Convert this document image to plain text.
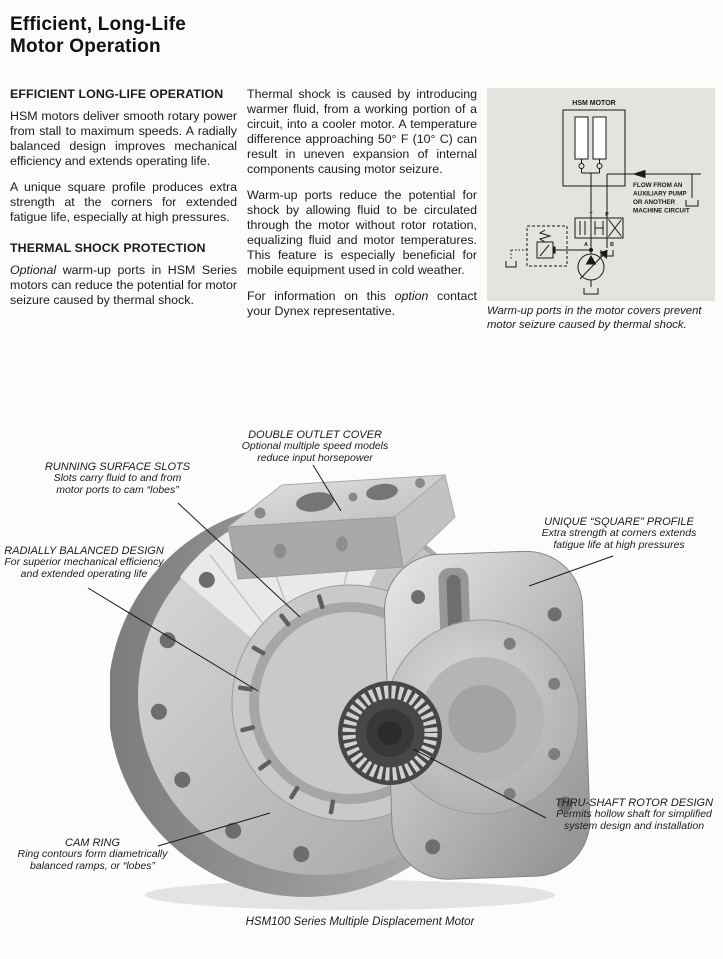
Efficient, Long-Life
Motor Operation
EFFICIENT LONG-LIFE OPERATION

HSM motors deliver smooth rotary power from stall to maximum speeds. A radially balanced design improves mechanical efficiency and extends operating life.

A unique square profile produces extra strength at the corners for extended fatigue life, especially at high pressures.

THERMAL SHOCK PROTECTION

Optional warm-up ports in HSM Series motors can reduce the potential for motor seizure caused by thermal shock.

Thermal shock is caused by introducing warmer fluid, from a working portion of a circuit, into a cooler motor. A temperature difference approaching 50° F (10° C) can result in uneven expansion of internal components causing motor seizure.

Warm-up ports reduce the potential for shock by allowing fluid to be circulated through the motor without rotor rotation, equalizing fluid and motor temperatures. This feature is especially beneficial for mobile equipment used in cold weather.

For information on this option contact your Dynex representative.

HSM MOTOR
FLOW FROM AN
AUXILIARY PUMP
OR ANOTHER
MACHINE CIRCUIT
T P
A	B
Warm-up ports in the motor covers prevent motor seizure caused by thermal shock.
DOUBLE OUTLET COVER
Optional multiple speed models
reduce input horsepower
RUNNING SURFACE SLOTS
Slots carry fluid to and from
motor ports to cam “lobes”
RADIALLY BALANCED DESIGN
For superior mechanical efficiency
and extended operating life
UNIQUE “SQUARE” PROFILE
Extra strength at corners extends
fatigue life at high pressures
THRU-SHAFT ROTOR DESIGN
Permits hollow shaft for simplified
system design and installation
CAM RING
Ring contours form diametrically
balanced ramps, or “lobes”
HSM100 Series Multiple Displacement Motor
